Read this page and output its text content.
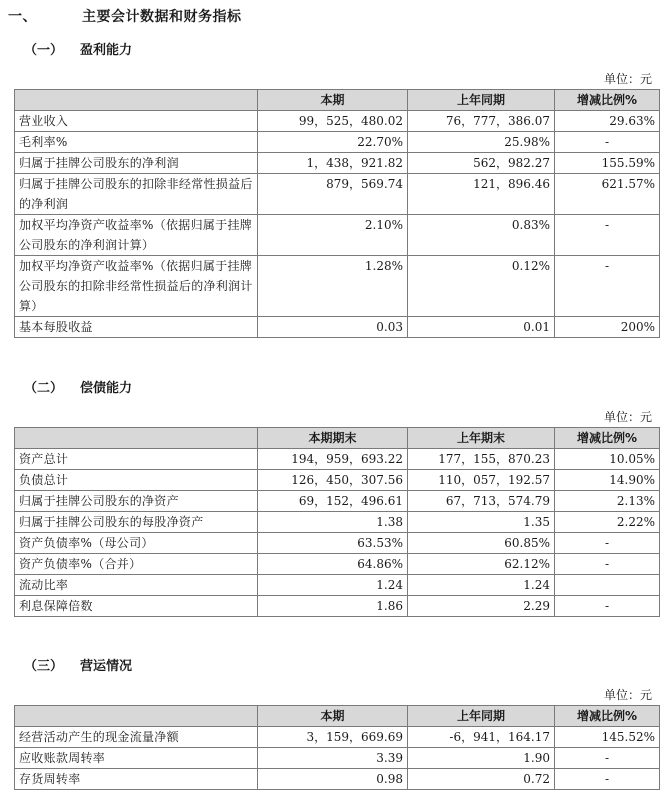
一、	主要会计数据和财务指标
（一） 盈利能力
单位：元
	本期	上年同期	增减比例%
营业收入	99，525，480.02	76，777，386.07	29.63%
毛利率%	22.70%	25.98%	-
归属于挂牌公司股东的净利润	1，438，921.82	562，982.27	155.59%
归属于挂牌公司股东的扣除非经常性损益后的净利润	879，569.74	121，896.46	621.57%
加权平均净资产收益率%（依据归属于挂牌公司股东的净利润计算）	2.10%	0.83%	-
加权平均净资产收益率%（依据归属于挂牌公司股东的扣除非经常性损益后的净利润计算）	1.28%	0.12%	-
基本每股收益	0.03	0.01	200%
（二） 偿债能力
单位：元
	本期期末	上年期末	增减比例%
资产总计	194，959，693.22	177，155，870.23	10.05%
负债总计	126，450，307.56	110，057，192.57	14.90%
归属于挂牌公司股东的净资产	69，152，496.61	67，713，574.79	2.13%
归属于挂牌公司股东的每股净资产	1.38	1.35	2.22%
资产负债率%（母公司）	63.53%	60.85%	-
资产负债率%（合并）	64.86%	62.12%	-
流动比率	1.24	1.24	
利息保障倍数	1.86	2.29	-
（三） 营运情况
单位：元
	本期	上年同期	增减比例%
经营活动产生的现金流量净额	3，159，669.69	-6，941，164.17	145.52%
应收账款周转率	3.39	1.90	-
存货周转率	0.98	0.72	-
